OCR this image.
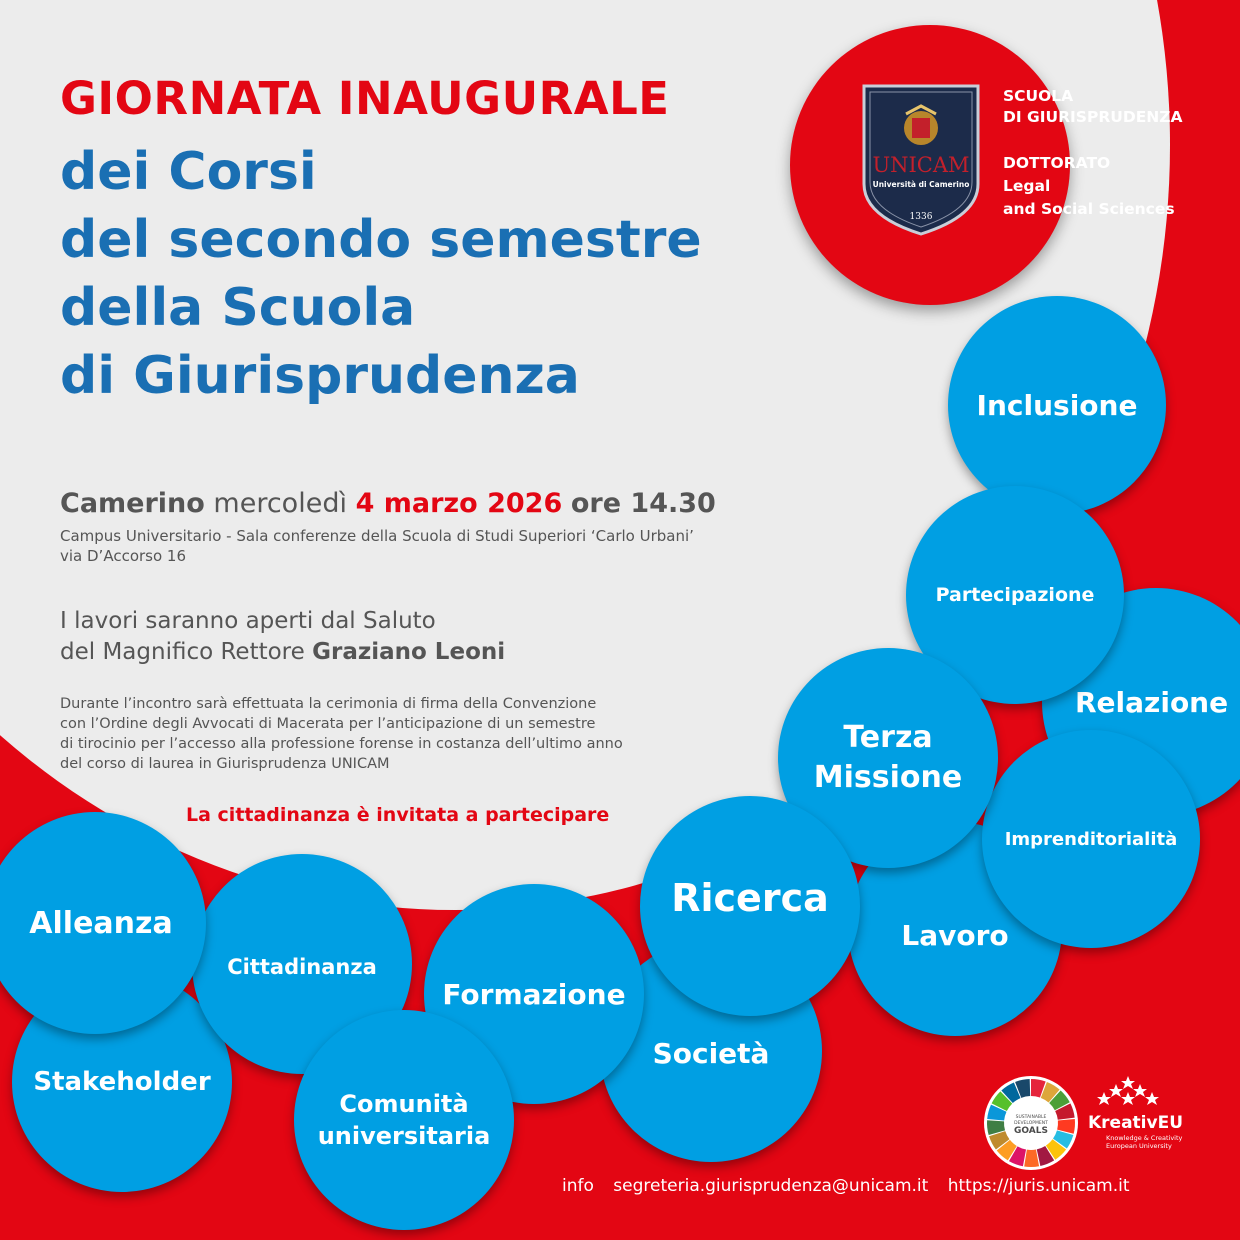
GIORNATA INAUGURALE
dei Corsi
del secondo semestre
della Scuola
di Giurisprudenza
Camerino mercoledì 4 marzo 2026 ore 14.30
Campus Universitario - Sala conferenze della Scuola di Studi Superiori ‘Carlo Urbani’
via D’Accorso 16
I lavori saranno aperti dal Saluto
del Magnifico Rettore Graziano Leoni
Durante l’incontro sarà effettuata la cerimonia di firma della Convenzione
con l’Ordine degli Avvocati di Macerata per l’anticipazione di un semestre
di tirocinio per l’accesso alla professione forense in costanza dell’ultimo anno
del corso di laurea in Giurisprudenza UNICAM
La cittadinanza è invitata a partecipare
UNICAM
Università di Camerino
1336
SCUOLA
DI GIURISPRUDENZA
DOTTORATO
Legal
and Social Sciences
Inclusione
Relazione
Partecipazione
Lavoro
Imprenditorialità
Terza
Missione
Società
Ricerca
Formazione
Stakeholder
Cittadinanza
Alleanza
Comunità
universitaria
SUSTAINABLE
DEVELOPMENT
GOALS KreativEU
Knowledge & Creativity
European University
info segreteria.giurisprudenza@unicam.it https://juris.unicam.it
